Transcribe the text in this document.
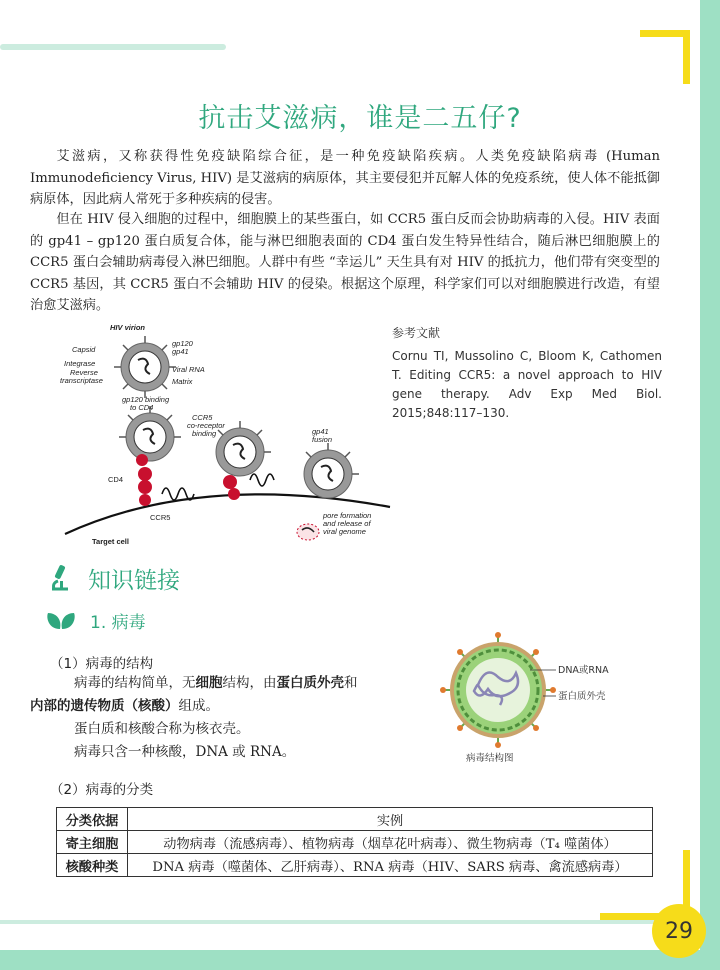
29
抗击艾滋病，谁是二五仔?

艾滋病，又称获得性免疫缺陷综合征，是一种免疫缺陷疾病。人类免疫缺陷病毒 (Human Immunodeficiency Virus, HIV) 是艾滋病的病原体，其主要侵犯并瓦解人体的免疫系统，使人体不能抵御病原体，因此病人常死于多种疾病的侵害。

但在 HIV 侵入细胞的过程中，细胞膜上的某些蛋白，如 CCR5 蛋白反而会协助病毒的入侵。HIV 表面的 gp41 – gp120 蛋白质复合体，能与淋巴细胞表面的 CD4 蛋白发生特异性结合，随后淋巴细胞膜上的 CCR5 蛋白会辅助病毒侵入淋巴细胞。人群中有些 “幸运儿” 天生具有对 HIV 的抵抗力，他们带有突变型的 CCR5 基因，其 CCR5 蛋白不会辅助 HIV 的侵染。根据这个原理，科学家们可以对细胞膜进行改造，有望治愈艾滋病。

HIV virion
gp120
gp41
Capsid
Integrase
Reverse
transcriptase
Viral RNA
Matrix
gp120 binding
to CD4
CCR5
co-receptor
binding	gp41
fusion
CD4
CCR5
Target cell
pore formation
and release of
viral genome
参考文献
Cornu TI, Mussolino C, Bloom K, Cathomen T. Editing CCR5: a novel approach to HIV gene therapy. Adv Exp Med Biol. 2015;848:117–130.
知识链接
1. 病毒
（1）病毒的结构
病毒的结构简单，无细胞结构，由蛋白质外壳和
内部的遗传物质（核酸）组成。
蛋白质和核酸合称为核衣壳。
病毒只含一种核酸，DNA 或 RNA。
DNA或RNA
蛋白质外壳
病毒结构图
（2）病毒的分类
分类依据	实例
寄主细胞	动物病毒（流感病毒）、植物病毒（烟草花叶病毒）、微生物病毒（T₄ 噬菌体）
核酸种类	DNA 病毒（噬菌体、乙肝病毒）、RNA 病毒（HIV、SARS 病毒、禽流感病毒）
